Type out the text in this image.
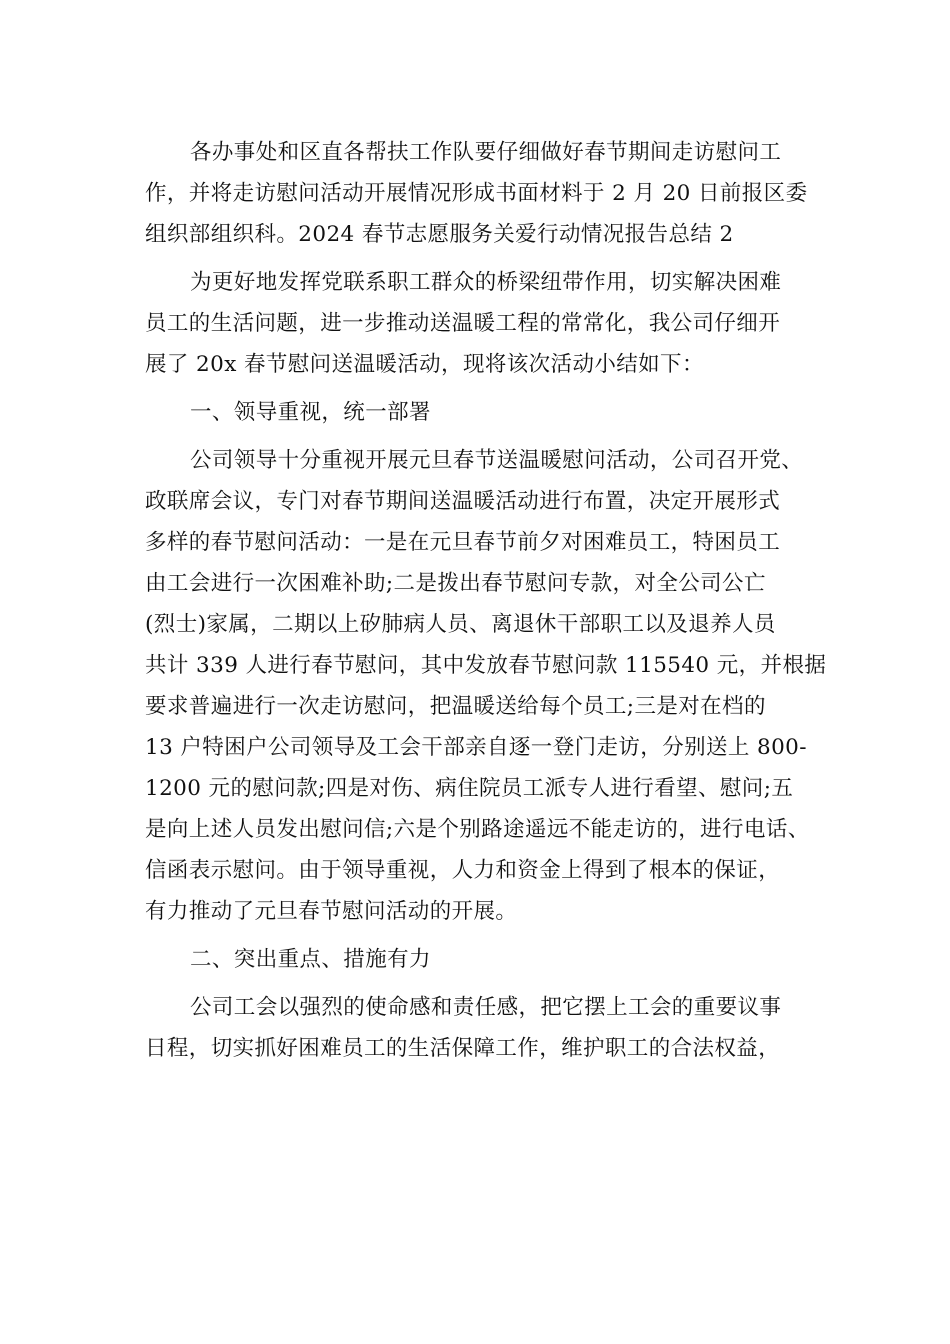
各办事处和区直各帮扶工作队要仔细做好春节期间走访慰问工
作，并将走访慰问活动开展情况形成书面材料于 2 月 20 日前报区委
组织部组织科。2024 春节志愿服务关爱行动情况报告总结 2

为更好地发挥党联系职工群众的桥梁纽带作用，切实解决困难
员工的生活问题，进一步推动送温暖工程的常常化，我公司仔细开
展了 20x 春节慰问送温暖活动，现将该次活动小结如下：

一、领导重视，统一部署

公司领导十分重视开展元旦春节送温暖慰问活动，公司召开党、
政联席会议，专门对春节期间送温暖活动进行布置，决定开展形式
多样的春节慰问活动：一是在元旦春节前夕对困难员工，特困员工
由工会进行一次困难补助;二是拨出春节慰问专款，对全公司公亡
(烈士)家属，二期以上矽肺病人员、离退休干部职工以及退养人员
共计 339 人进行春节慰问，其中发放春节慰问款 115540 元，并根据
要求普遍进行一次走访慰问，把温暖送给每个员工;三是对在档的
13 户特困户公司领导及工会干部亲自逐一登门走访，分别送上 800-
1200 元的慰问款;四是对伤、病住院员工派专人进行看望、慰问;五
是向上述人员发出慰问信;六是个别路途遥远不能走访的，进行电话、
信函表示慰问。由于领导重视，人力和资金上得到了根本的保证，
有力推动了元旦春节慰问活动的开展。

二、突出重点、措施有力

公司工会以强烈的使命感和责任感，把它摆上工会的重要议事
日程，切实抓好困难员工的生活保障工作，维护职工的合法权益，
